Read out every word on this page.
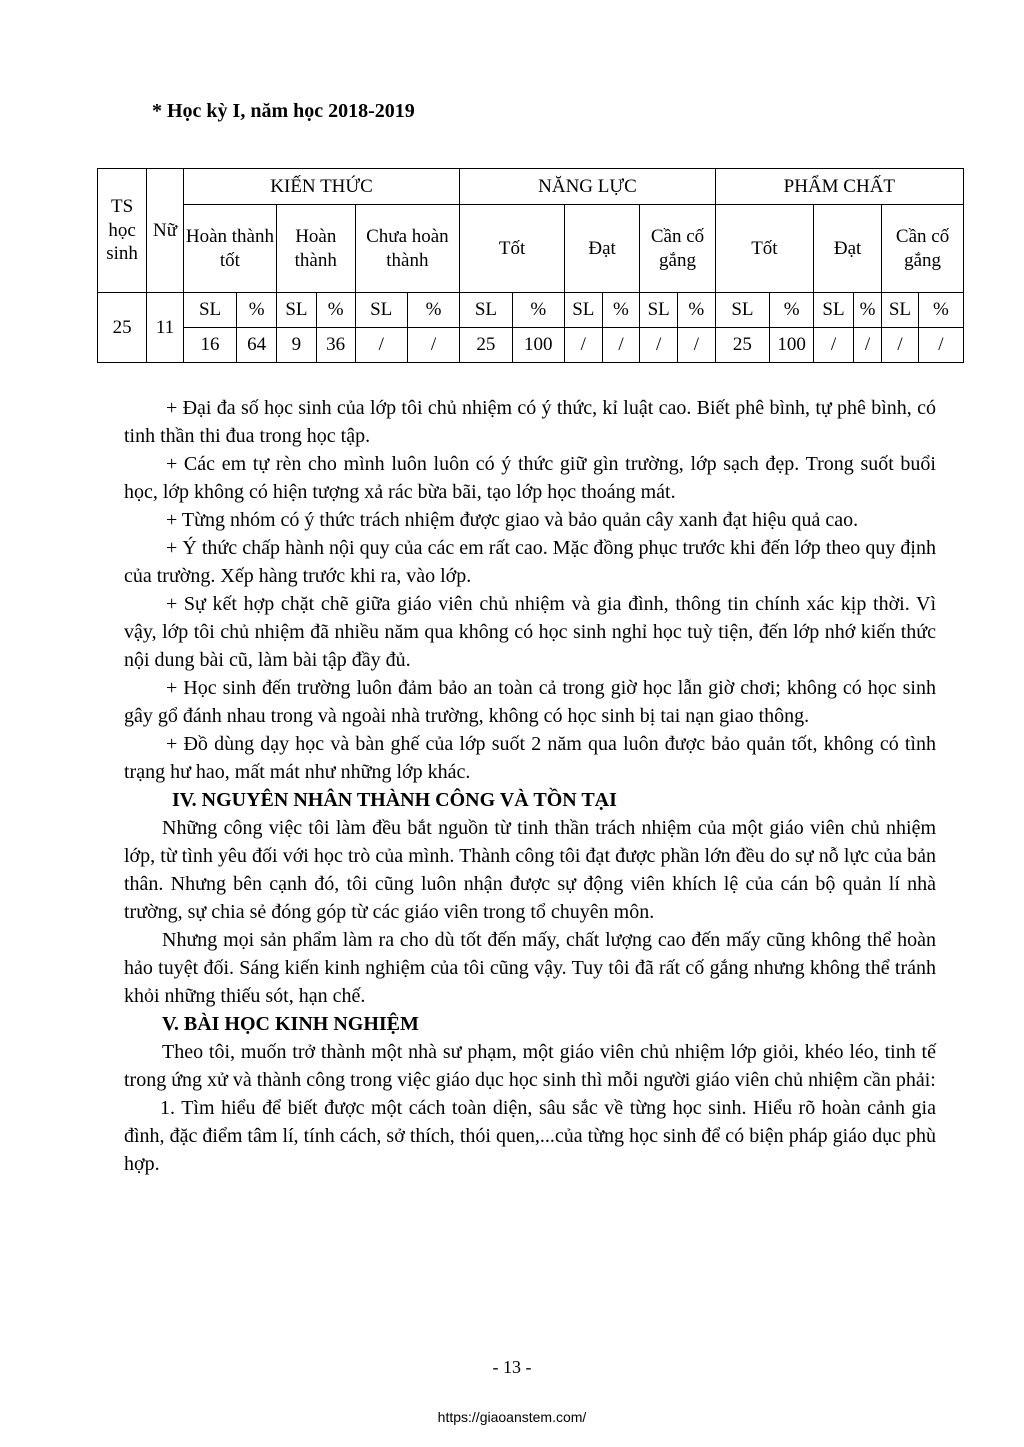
* Học kỳ I, năm học 2018-2019

TS học sinh	Nữ	KIẾN THỨC						NĂNG LỰC						PHẨM CHẤT					
		Hoàn thành tốt		Hoàn thành		Chưa hoàn thành		Tốt		Đạt		Cần cố gắng		Tốt		Đạt		Cần cố gắng	
25	11	SL	%	SL	%	SL	%	SL	%	SL	%	SL	%	SL	%	SL	%	SL	%
		16	64	9	36	/	/	25	100	/	/	/	/	25	100	/	/	/	/

+ Đại đa số học sinh của lớp tôi chủ nhiệm có ý thức, kỉ luật cao. Biết phê bình, tự phê bình, có tinh thần thi đua trong học tập.

+ Các em tự rèn cho mình luôn luôn có ý thức giữ gìn trường, lớp sạch đẹp. Trong suốt buổi học, lớp không có hiện tượng xả rác bừa bãi, tạo lớp học thoáng mát.

+ Từng nhóm có ý thức trách nhiệm được giao và bảo quản cây xanh đạt hiệu quả cao.

+ Ý thức chấp hành nội quy của các em rất cao. Mặc đồng phục trước khi đến lớp theo quy định của trường. Xếp hàng trước khi ra, vào lớp.

+ Sự kết hợp chặt chẽ giữa giáo viên chủ nhiệm và gia đình, thông tin chính xác kịp thời. Vì vậy, lớp tôi chủ nhiệm đã nhiều năm qua không có học sinh nghỉ học tuỳ tiện, đến lớp nhớ kiến thức nội dung bài cũ, làm bài tập đầy đủ.

+ Học sinh đến trường luôn đảm bảo an toàn cả trong giờ học lẫn giờ chơi; không có học sinh gây gổ đánh nhau trong và ngoài nhà trường, không có học sinh bị tai nạn giao thông.

+ Đồ dùng dạy học và bàn ghế của lớp suốt 2 năm qua luôn được bảo quản tốt, không có tình trạng hư hao, mất mát như những lớp khác.

IV. NGUYÊN NHÂN THÀNH CÔNG VÀ TỒN TẠI

Những công việc tôi làm đều bắt nguồn từ tinh thần trách nhiệm của một giáo viên chủ nhiệm lớp, từ tình yêu đối với học trò của mình. Thành công tôi đạt được phần lớn đều do sự nỗ lực của bản thân. Nhưng bên cạnh đó, tôi cũng luôn nhận được sự động viên khích lệ của cán bộ quản lí nhà trường, sự chia sẻ đóng góp từ các giáo viên trong tổ chuyên môn.

Nhưng mọi sản phẩm làm ra cho dù tốt đến mấy, chất lượng cao đến mấy cũng không thể hoàn hảo tuyệt đối. Sáng kiến kinh nghiệm của tôi cũng vậy. Tuy tôi đã rất cố gắng nhưng không thể tránh khỏi những thiếu sót, hạn chế.

V. BÀI HỌC KINH NGHIỆM

Theo tôi, muốn trở thành một nhà sư phạm, một giáo viên chủ nhiệm lớp giỏi, khéo léo, tinh tế trong ứng xử và thành công trong việc giáo dục học sinh thì mỗi người giáo viên chủ nhiệm cần phải:

1. Tìm hiểu để biết được một cách toàn diện, sâu sắc về từng học sinh. Hiểu rõ hoàn cảnh gia đình, đặc điểm tâm lí, tính cách, sở thích, thói quen,...của từng học sinh để có biện pháp giáo dục phù hợp.

- 13 -

https://giaoanstem.com/
